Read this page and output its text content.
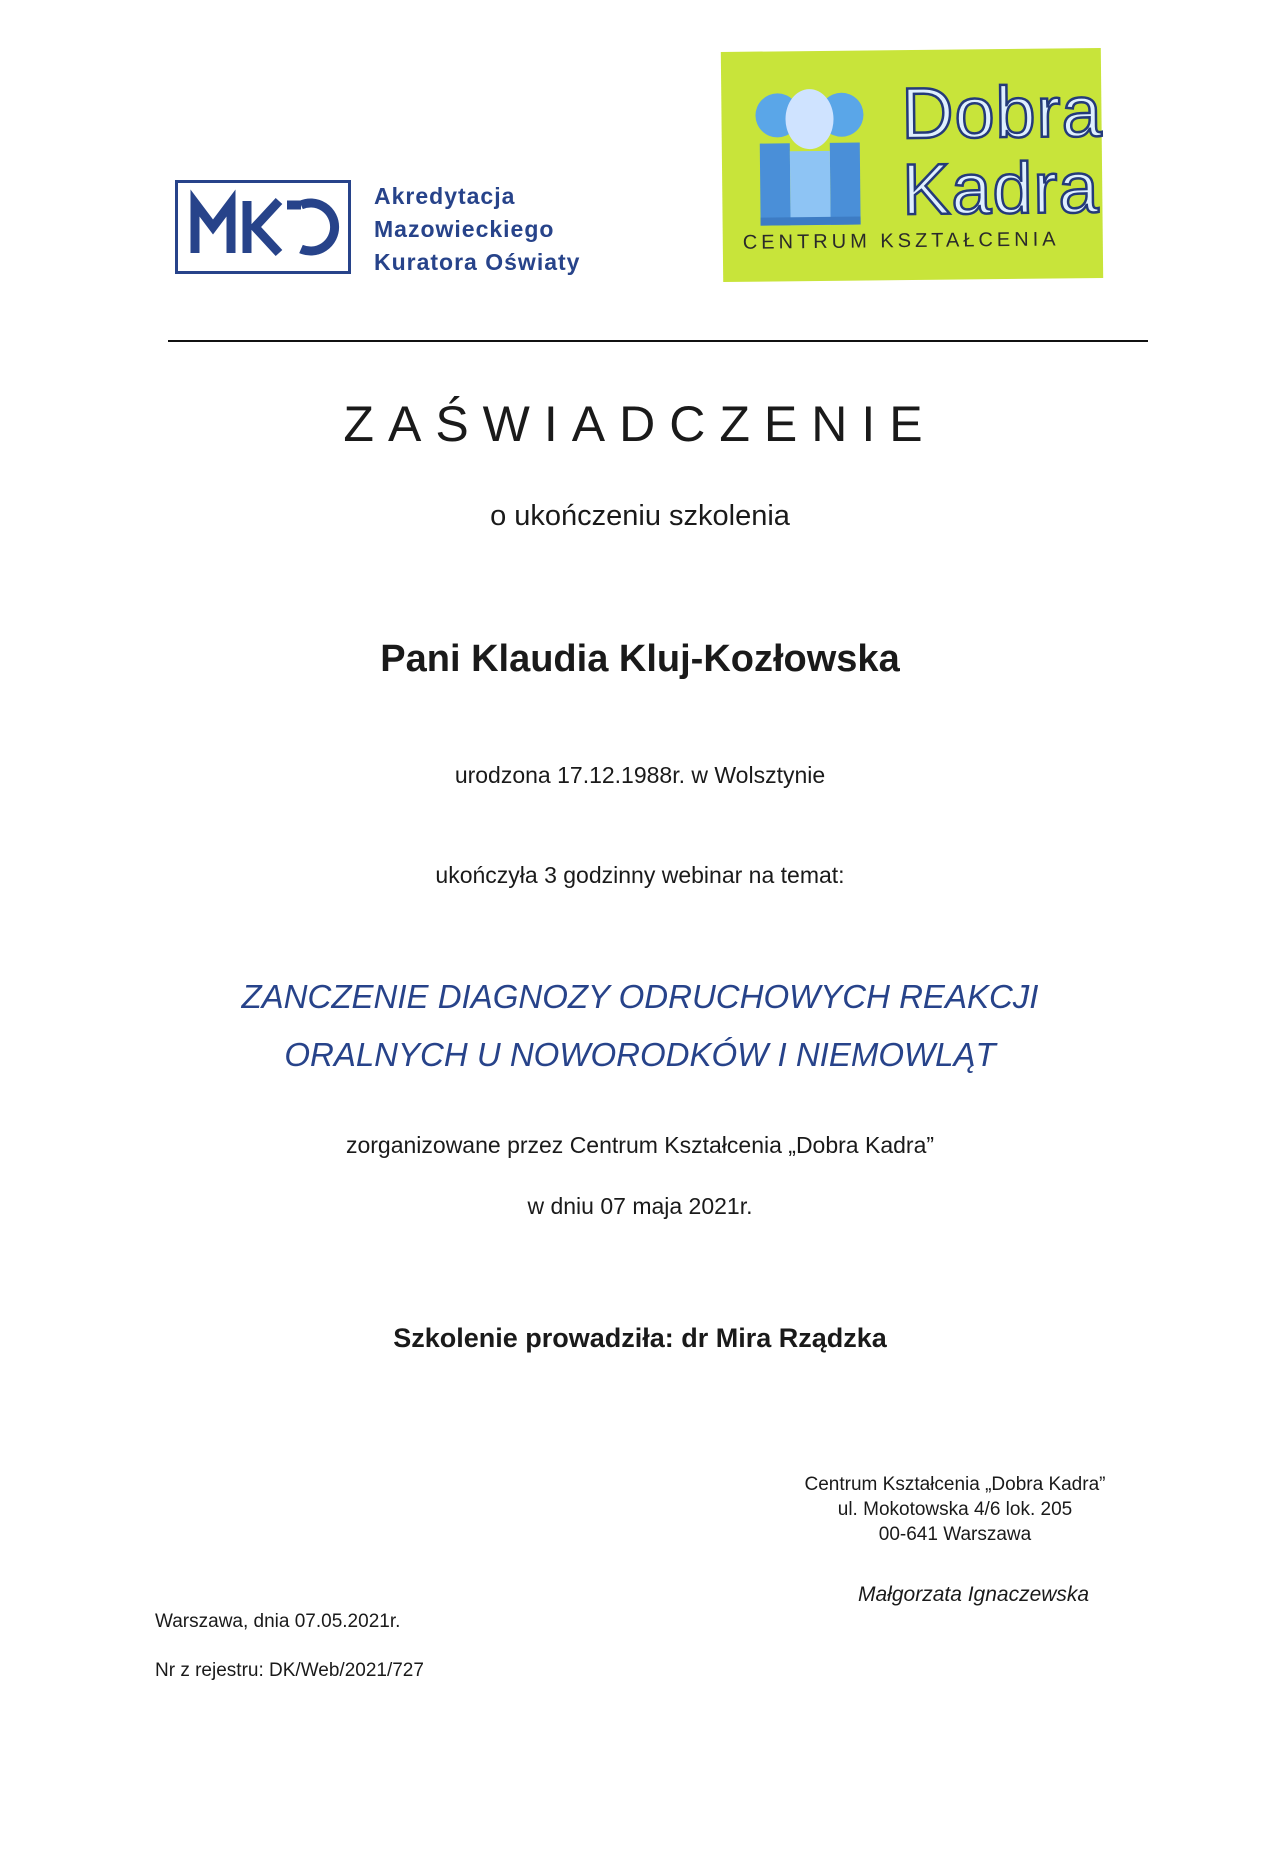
Akredytacja
Mazowieckiego
Kuratora Oświaty
Dobra
Kadra
CENTRUM KSZTAŁCENIA
ZAŚWIADCZENIE
o ukończeniu szkolenia
Pani Klaudia Kluj-Kozłowska
urodzona 17.12.1988r. w Wolsztynie
ukończyła 3 godzinny webinar na temat:
ZANCZENIE DIAGNOZY ODRUCHOWYCH REAKCJI
ORALNYCH U NOWORODKÓW I NIEMOWLĄT
zorganizowane przez Centrum Kształcenia „Dobra Kadra”
w dniu 07 maja 2021r.
Szkolenie prowadziła: dr Mira Rządzka
Centrum Kształcenia „Dobra Kadra”
ul. Mokotowska 4/6 lok. 205
00-641 Warszawa
Małgorzata Ignaczewska
Warszawa, dnia 07.05.2021r.
Nr z rejestru: DK/Web/2021/727
